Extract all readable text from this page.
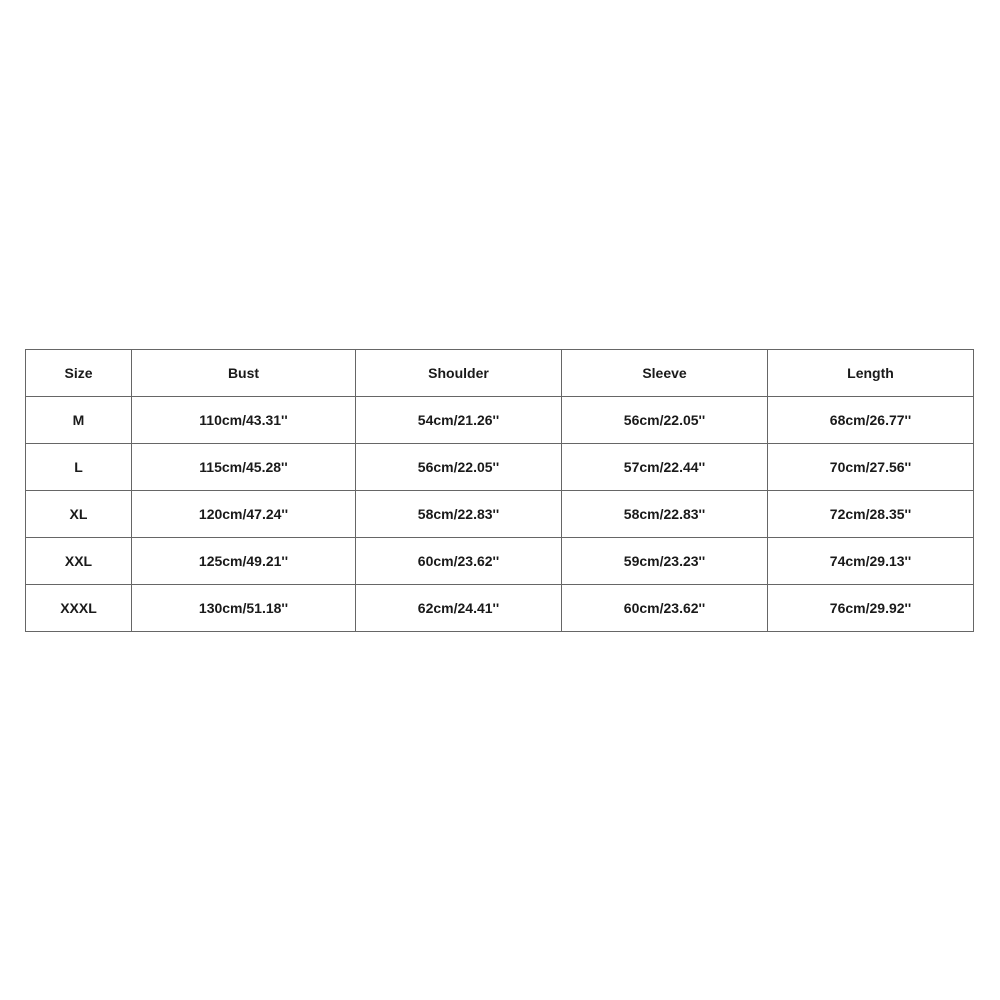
Size	Bust	Shoulder	Sleeve	Length
M	110cm/43.31''	54cm/21.26''	56cm/22.05''	68cm/26.77''
L	115cm/45.28''	56cm/22.05''	57cm/22.44''	70cm/27.56''
XL	120cm/47.24''	58cm/22.83''	58cm/22.83''	72cm/28.35''
XXL	125cm/49.21''	60cm/23.62''	59cm/23.23''	74cm/29.13''
XXXL	130cm/51.18''	62cm/24.41''	60cm/23.62''	76cm/29.92''
